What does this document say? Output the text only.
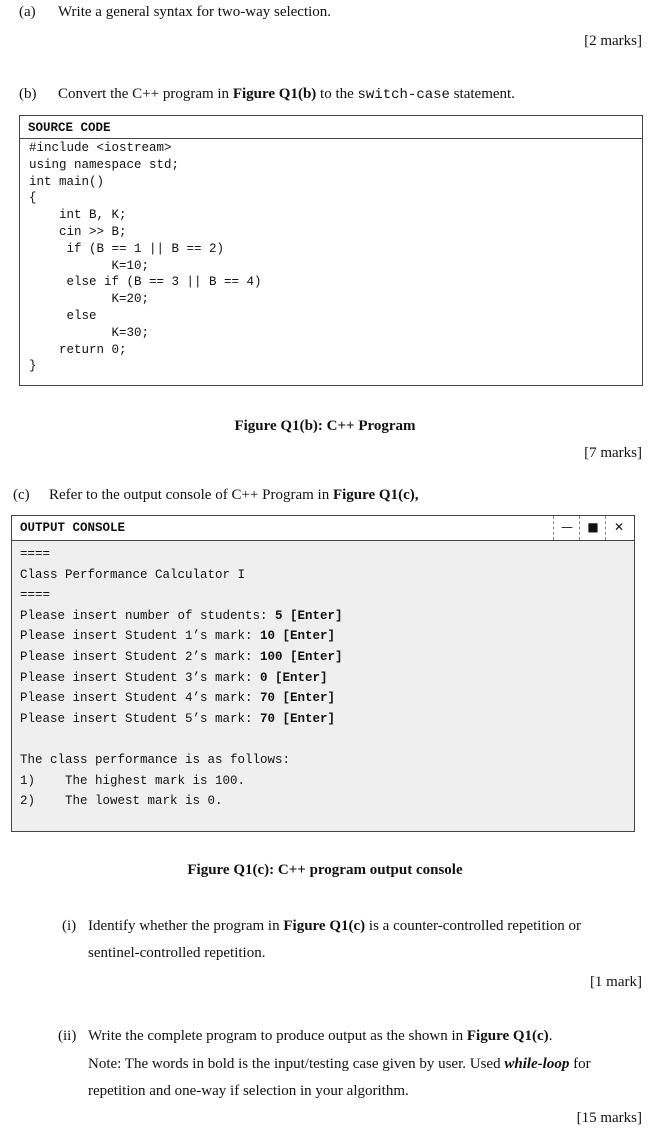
(a) Write a general syntax for two-way selection.
[2 marks]
(b) Convert the C++ program in Figure Q1(b) to the switch-case statement.
SOURCE CODE
#include <iostream>
using namespace std;
int main()
{
int B, K;
cin >> B;
if (B == 1 || B == 2)
K=10;
else if (B == 3 || B == 4)
K=20;
else
K=30;
return 0;
}
Figure Q1(b): C++ Program
[7 marks]
(c) Refer to the output console of C++ Program in Figure Q1(c),
OUTPUT CONSOLE	—	■	✕
====
Class Performance Calculator I
====
Please insert number of students: 5 [Enter]
Please insert Student 1’s mark: 10 [Enter]
Please insert Student 2’s mark: 100 [Enter]
Please insert Student 3’s mark: 0 [Enter]
Please insert Student 4’s mark: 70 [Enter]
Please insert Student 5’s mark: 70 [Enter]
The class performance is as follows:
1)    The highest mark is 100.
2)    The lowest mark is 0.
Figure Q1(c): C++ program output console
(i) Identify whether the program in Figure Q1(c) is a counter-controlled repetition or
sentinel-controlled repetition.
[1 mark]
(ii) Write the complete program to produce output as the shown in Figure Q1(c).
Note: The words in bold is the input/testing case given by user. Used while-loop for
repetition and one-way if selection in your algorithm.
[15 marks]
